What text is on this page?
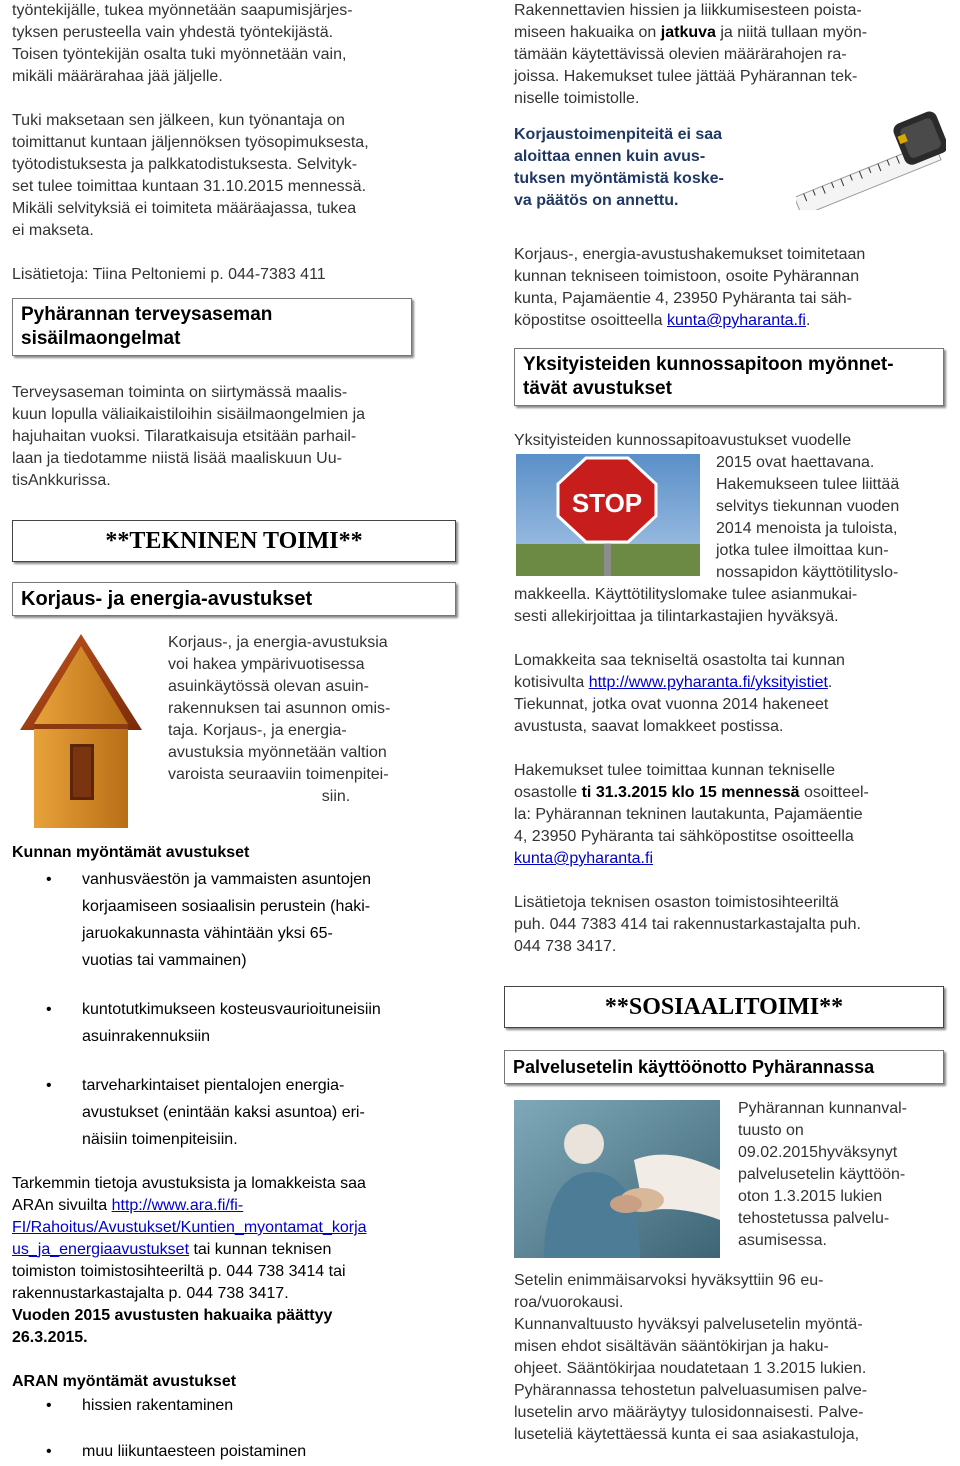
työntekijälle, tukea myönnetään saapumisjärjes-

tyksen perusteella vain yhdestä työntekijästä.

Toisen työntekijän osalta tuki myönnetään vain,

mikäli määrärahaa jää jäljelle.

Tuki maksetaan sen jälkeen, kun työnantaja on

toimittanut kuntaan jäljennöksen työsopimuksesta,

työtodistuksesta ja palkkatodistuksesta. Selvityk-

set tulee toimittaa kuntaan 31.10.2015 mennessä.

Mikäli selvityksiä ei toimiteta määräajassa, tukea

ei makseta.

Lisätietoja: Tiina Peltoniemi p. 044-7383 411

Pyhärannan terveysaseman
sisäilmaongelmat

Terveysaseman toiminta on siirtymässä maalis-

kuun lopulla väliaikaistiloihin sisäilmaongelmien ja

hajuhaitan vuoksi. Tilaratkaisuja etsitään parhail-

laan ja tiedotamme niistä lisää maaliskuun Uu-

tisAnkkurissa.

**TEKNINEN TOIMI**
Korjaus- ja energia-avustukset

Korjaus-, ja energia-avustuksia

voi hakea ympärivuotisessa

asuinkäytössä olevan asuin-

rakennuksen tai asunnon omis-

taja. Korjaus-, ja energia-

avustuksia myönnetään valtion

varoista seuraaviin toimenpitei-

siin.

Kunnan myöntämät avustukset

• vanhusväestön ja vammaisten asuntojen
korjaamiseen sosiaalisin perustein (haki-
jaruokakunnasta vähintään yksi 65-
vuotias tai vammainen)
• kuntotutkimukseen kosteusvaurioituneisiin
asuinrakennuksiin
• tarveharkintaiset pientalojen energia-
avustukset (enintään kaksi asuntoa) eri-
näisiin toimenpiteisiin.

Tarkemmin tietoja avustuksista ja lomakkeista saa

ARAn sivuilta http://www.ara.fi/fi-

FI/Rahoitus/Avustukset/Kuntien_myontamat_korja

us_ja_energiaavustukset tai kunnan teknisen

toimiston toimistosihteeriltä p. 044 738 3414 tai

rakennustarkastajalta p. 044 738 3417.

Vuoden 2015 avustusten hakuaika päättyy

26.3.2015.

ARAN myöntämät avustukset

• hissien rakentaminen
• muu liikuntaesteen poistaminen

Rakennettavien hissien ja liikkumisesteen poista-

miseen hakuaika on jatkuva ja niitä tullaan myön-

tämään käytettävissä olevien määrärahojen ra-

joissa. Hakemukset tulee jättää Pyhärannan tek-

niselle toimistolle.

Korjaustoimenpiteitä ei saa

aloittaa ennen kuin avus-

tuksen myöntämistä koske-

va päätös on annettu.

Korjaus-, energia-avustushakemukset toimitetaan

kunnan tekniseen toimistoon, osoite Pyhärannan

kunta, Pajamäentie 4, 23950 Pyhäranta tai säh-

köpostitse osoitteella kunta@pyharanta.fi.

Yksityisteiden kunnossapitoon myönnet-
tävät avustukset

Yksityisteiden kunnossapitoavustukset vuodelle

STOP

2015 ovat haettavana.

Hakemukseen tulee liittää

selvitys tiekunnan vuoden

2014 menoista ja tuloista,

jotka tulee ilmoittaa kun-

nossapidon käyttötilityslo-

makkeella. Käyttötilityslomake tulee asianmukai-

sesti allekirjoittaa ja tilintarkastajien hyväksyä.

Lomakkeita saa tekniseltä osastolta tai kunnan

kotisivulta http://www.pyharanta.fi/yksityistiet.

Tiekunnat, jotka ovat vuonna 2014 hakeneet

avustusta, saavat lomakkeet postissa.

Hakemukset tulee toimittaa kunnan tekniselle

osastolle ti 31.3.2015 klo 15 mennessä osoitteel-

la: Pyhärannan tekninen lautakunta, Pajamäentie

4, 23950 Pyhäranta tai sähköpostitse osoitteella

kunta@pyharanta.fi

Lisätietoja teknisen osaston toimistosihteeriltä

puh. 044 7383 414 tai rakennustarkastajalta puh.

044 738 3417.

**SOSIAALITOIMI**
Palvelusetelin käyttöönotto Pyhärannassa

Pyhärannan kunnanval-

tuusto on

09.02.2015hyväksynyt

palvelusetelin käyttöön-

oton 1.3.2015 lukien

tehostetussa palvelu-

asumisessa.

Setelin enimmäisarvoksi hyväksyttiin 96 eu-

roa/vuorokausi.

Kunnanvaltuusto hyväksyi palvelusetelin myöntä-

misen ehdot sisältävän sääntökirjan ja haku-

ohjeet. Sääntökirjaa noudatetaan 1 3.2015 lukien.

Pyhärannassa tehostetun palveluasumisen palve-

lusetelin arvo määräytyy tulosidonnaisesti. Palve-

luseteliä käytettäessä kunta ei saa asiakastuloja,
